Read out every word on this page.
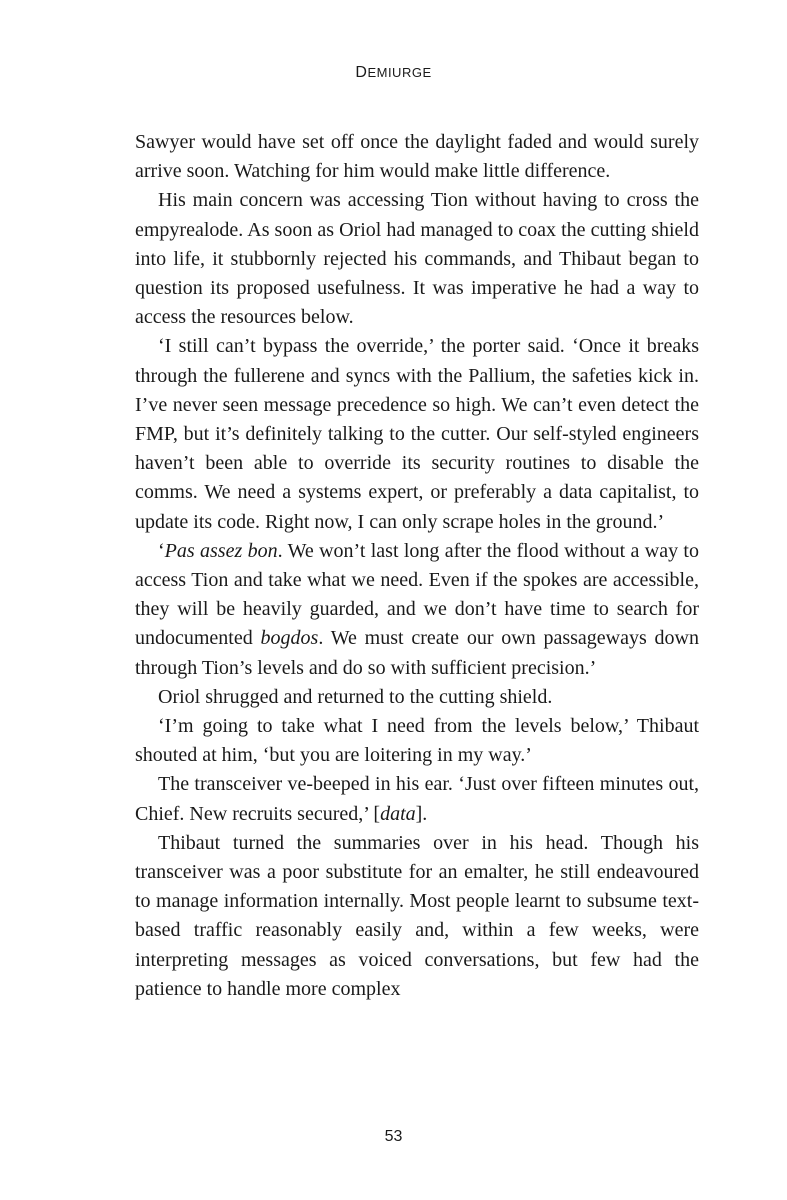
DEMIURGE

Sawyer would have set off once the daylight faded and would surely arrive soon. Watching for him would make little difference.

His main concern was accessing Tion without having to cross the empyrealode. As soon as Oriol had managed to coax the cutting shield into life, it stubbornly rejected his commands, and Thibaut began to question its proposed usefulness. It was imperative he had a way to access the resources below.

‘I still can’t bypass the override,’ the porter said. ‘Once it breaks through the fullerene and syncs with the Pallium, the safeties kick in. I’ve never seen message precedence so high. We can’t even detect the FMP, but it’s definitely talking to the cutter. Our self-styled engineers haven’t been able to override its security routines to disable the comms. We need a systems expert, or preferably a data capitalist, to update its code. Right now, I can only scrape holes in the ground.’

‘Pas assez bon. We won’t last long after the flood without a way to access Tion and take what we need. Even if the spokes are accessible, they will be heavily guarded, and we don’t have time to search for undocumented bogdos. We must create our own passageways down through Tion’s levels and do so with sufficient precision.’

Oriol shrugged and returned to the cutting shield.

‘I’m going to take what I need from the levels below,’ Thibaut shouted at him, ‘but you are loitering in my way.’

The transceiver ve-beeped in his ear. ‘Just over fifteen minutes out, Chief. New recruits secured,’ [data].

Thibaut turned the summaries over in his head. Though his transceiver was a poor substitute for an emalter, he still endeavoured to manage information internally. Most people learnt to subsume text-based traffic reasonably easily and, within a few weeks, were interpreting messages as voiced conversations, but few had the patience to handle more complex

53
